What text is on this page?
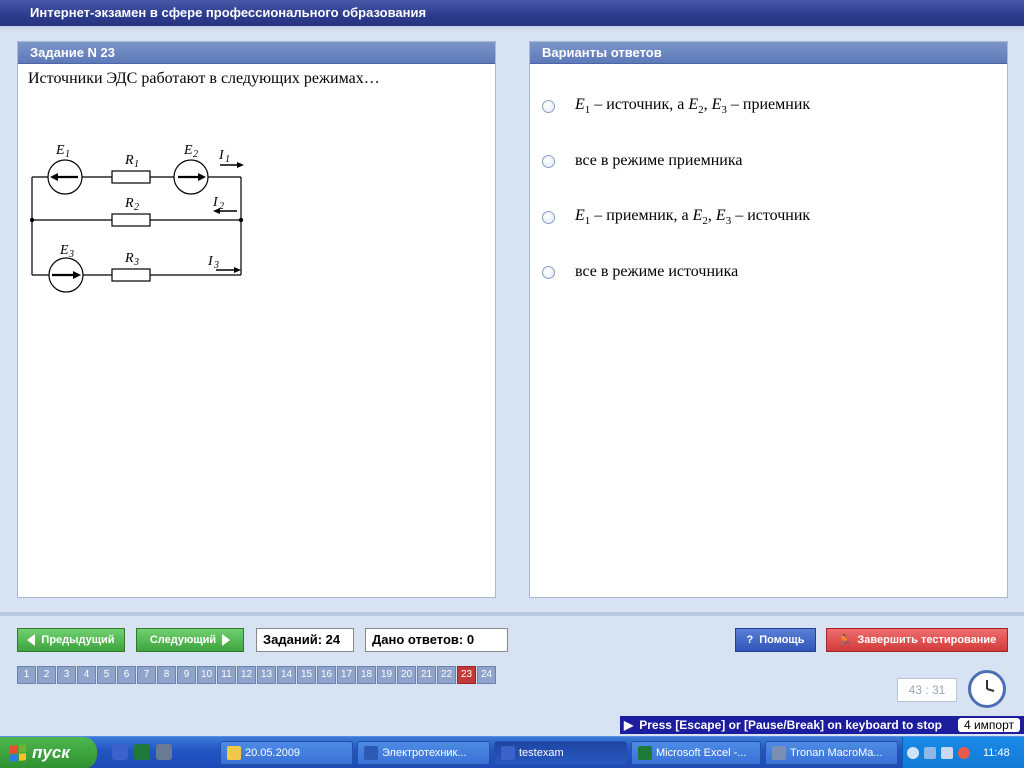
Интернет-экзамен в сфере профессионального образования
Задание N 23
Источники ЭДС работают в следующих режимах…
E 1	E 2
E 3
R 1
R 2
R 3
I 1
I 2
I 3
Варианты ответов
$E_1$ – источник, а $E_2$, $E_3$ – приемник
все в режиме приемника
$E_1$ – приемник, а $E_2$, $E_3$ – источник
все в режиме источника
Предыдущий	Следующий	Заданий: 24	Дано ответов: 0	? Помощь	🏃 Завершить тестирование
1	2	3	4	5	6	7	8	9	10 11 12 13 14 15 16 17 18 19 20 21 22 23 24
43 : 31
▶ Press [Escape] or [Pause/Break] on keyboard to stop	4 импорт
пуск	20.05.2009	Электротехник...	testexam	Microsoft Excel -...	Tronan MacroMa...	11:48
